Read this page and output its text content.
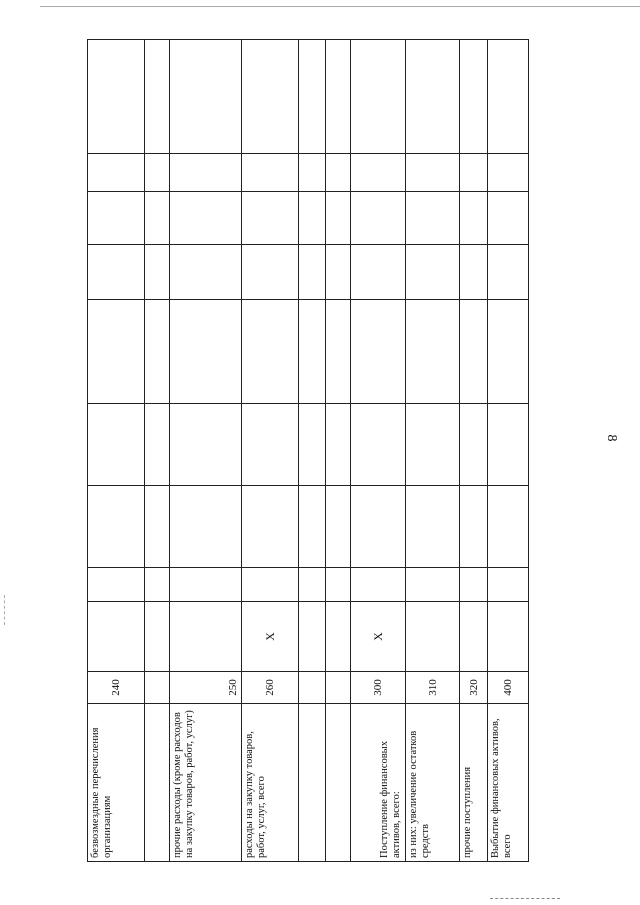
8
безвозмездные перечисления организациям	240									

прочие расходы (кроме расходов на закупку товаров, работ, услуг)	250									
расходы на закупку товаров, работ, услуг, всего	260	X								

Поступление финансовых активов, всего:	300	X								
из них: увеличение остатков средств	310									
прочие поступления	320									
Выбытие финансовых активов, всего	400									
